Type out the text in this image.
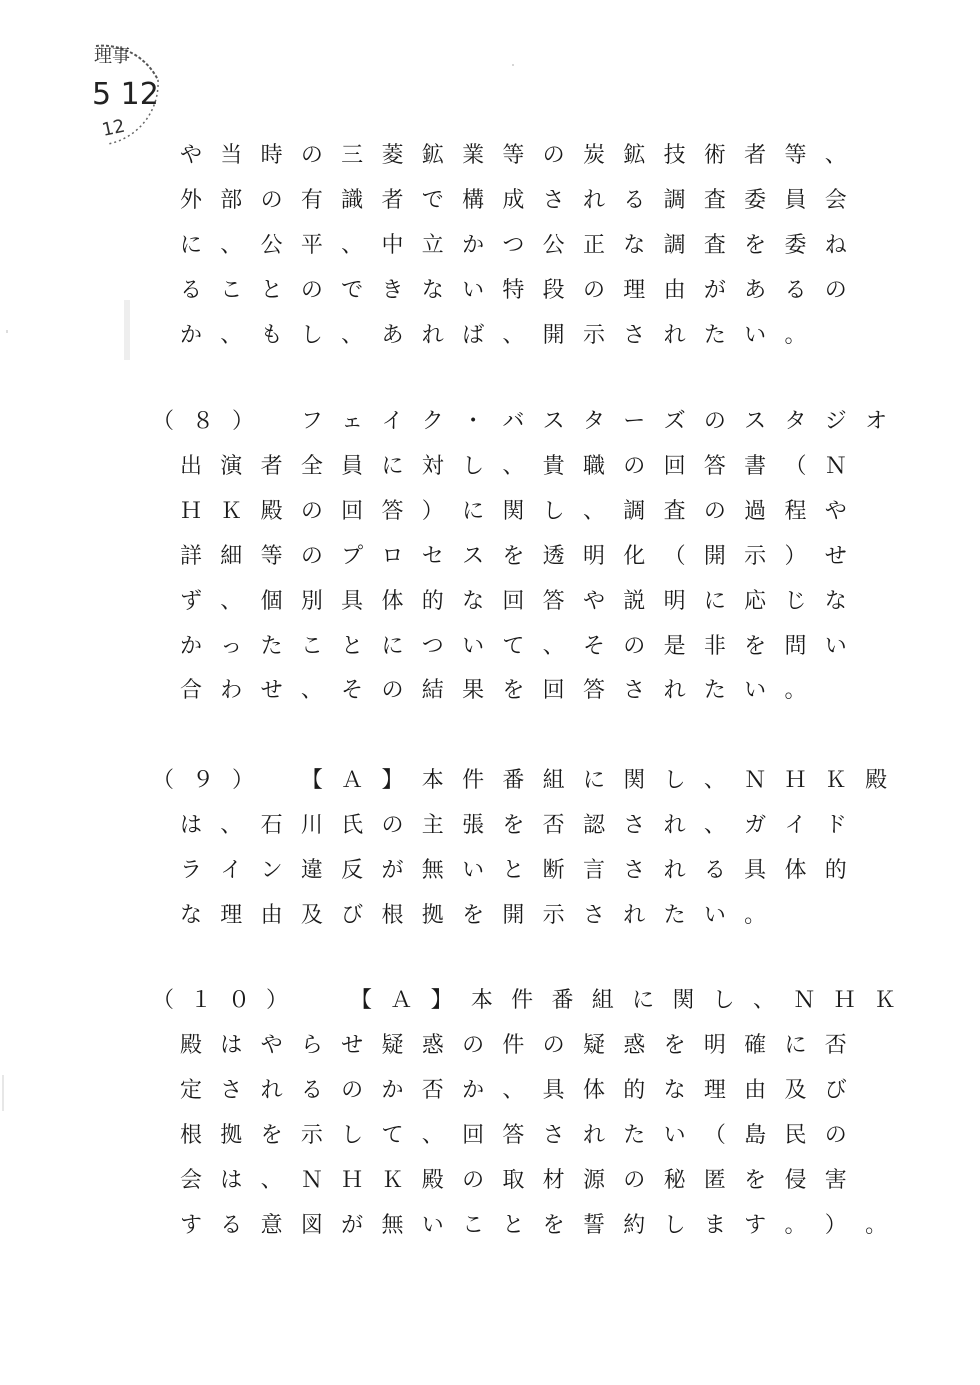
理事
5 12
12
や 当 時 の 三 菱 鉱 業 等 の 炭 鉱 技 術 者 等 、
外 部 の 有 識 者 で 構 成 さ れ る 調 査 委 員 会
に 、 公 平 、 中 立 か つ 公 正 な 調 査 を 委 ね
る こ と の で き な い 特 段 の 理 由 が あ る の
か 、 も し 、 あ れ ば 、 開 示 さ れ た い 。
（ ８ ）	フ ェ イ ク ・ バ ス タ ー ズ の ス タ ジ オ
出 演 者 全 員 に 対 し 、 貴 職 の 回 答 書 （ Ｎ
Ｈ Ｋ 殿 の 回 答 ） に 関 し 、 調 査 の 過 程 や
詳 細 等 の プ ロ セ ス を 透 明 化 （ 開 示 ） せ
ず 、 個 別 具 体 的 な 回 答 や 説 明 に 応 じ な
か っ た こ と に つ い て 、 そ の 是 非 を 問 い
合 わ せ 、 そ の 結 果 を 回 答 さ れ た い 。
（ ９ ）	【 Ａ 】 本 件 番 組 に 関 し 、 Ｎ Ｈ Ｋ 殿
は 、 石 川 氏 の 主 張 を 否 認 さ れ 、 ガ イ ド
ラ イ ン 違 反 が 無 い と 断 言 さ れ る 具 体 的
な 理 由 及 び 根 拠 を 開 示 さ れ た い 。
（ １ ０ ）	【 Ａ 】 本 件 番 組 に 関 し 、 Ｎ Ｈ Ｋ
殿 は や ら せ 疑 惑 の 件 の 疑 惑 を 明 確 に 否
定 さ れ る の か 否 か 、 具 体 的 な 理 由 及 び
根 拠 を 示 し て 、 回 答 さ れ た い （ 島 民 の
会 は 、 Ｎ Ｈ Ｋ 殿 の 取 材 源 の 秘 匿 を 侵 害
す る 意 図 が 無 い こ と を 誓 約 し ま す 。 ） 。
